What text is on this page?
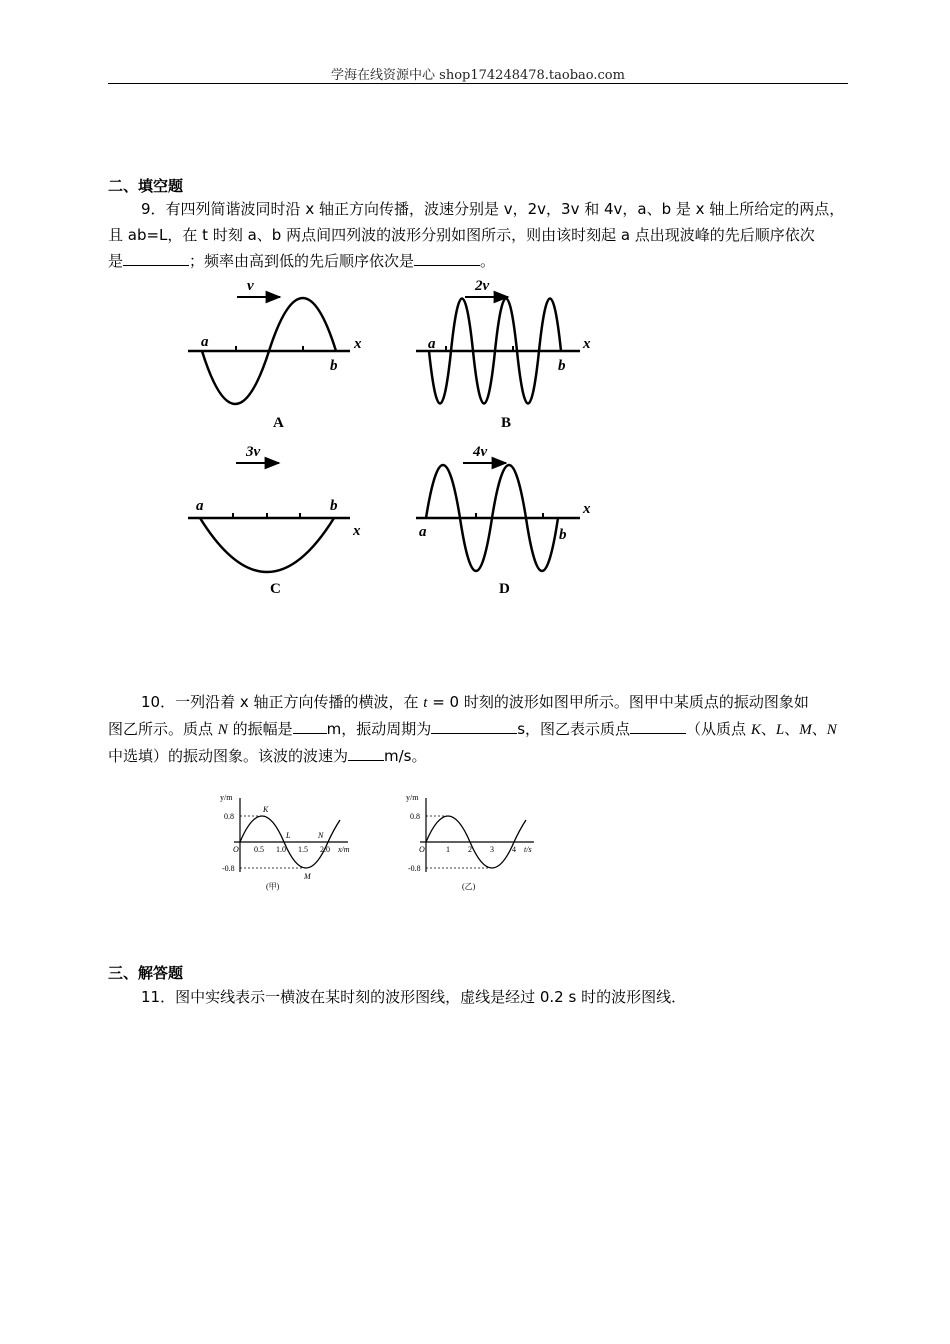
学海在线资源中心 shop174248478.taobao.com
二、填空题
9．有四列简谐波同时沿 x 轴正方向传播，波速分别是 v，2v，3v 和 4v，a、b 是 x 轴上所给定的两点，
且 ab=L，在 t 时刻 a、b 两点间四列波的波形分别如图所示，则由该时刻起 a 点出现波峰的先后顺序依次
是	；频率由高到低的先后顺序依次是	。
v
a
b
x
A
2v
a
b
x
B
3v
a	b
x
C
4v
a	b
x
D
10．一列沿着 x 轴正方向传播的横波，在 t = 0 时刻的波形如图甲所示。图甲中某质点的振动图象如
图乙所示。质点 N 的振幅是 m，振动周期为	s，图乙表示质点	（从质点 K、L、M、N
中选填）的振动图象。该波的波速为 m/s。
y/m
0.8
-0.8
O 0.5 1.0 1.5 2.0 x/m
K
L
M
N
(甲)
y/m
0.8
-0.8
O	1 2 3 4 t/s
(乙)
三、解答题
11．图中实线表示一横波在某时刻的波形图线，虚线是经过 0.2 s 时的波形图线．
